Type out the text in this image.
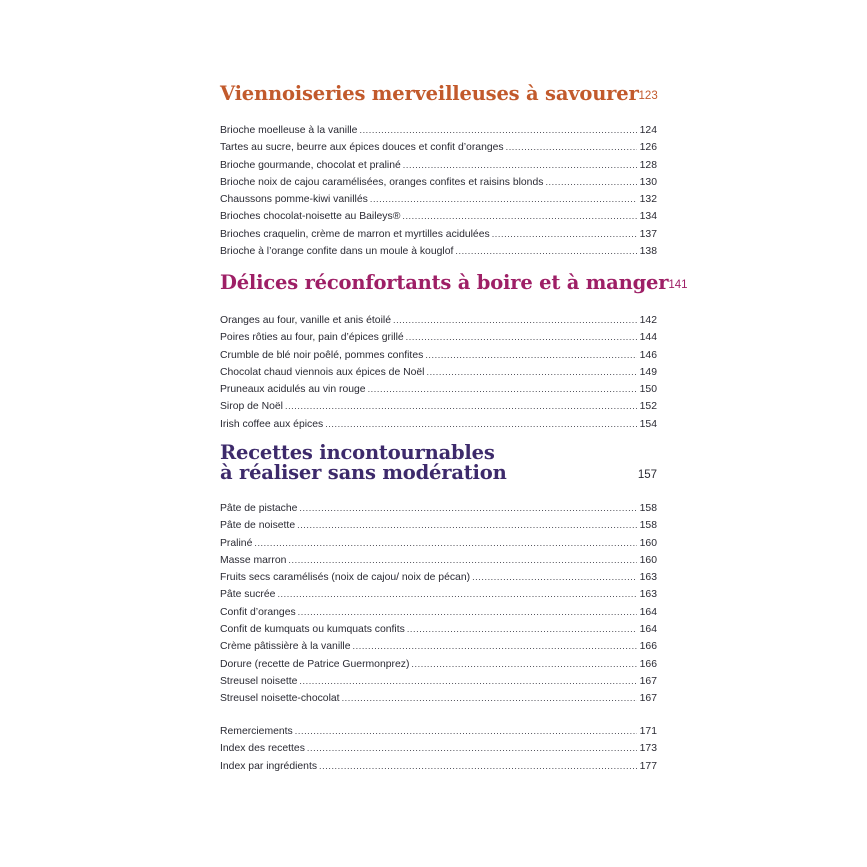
Viennoiseries merveilleuses à savourer 123
Brioche moelleuse à la vanille .....	124
Tartes au sucre, beurre aux épices douces et confit d’oranges .....	126
Brioche gourmande, chocolat et praliné .....	128
Brioche noix de cajou caramélisées, oranges confites et raisins blonds .....	130
Chaussons pomme-kiwi vanillés .....	132
Brioches chocolat-noisette au Baileys® .....	134
Brioches craquelin, crème de marron et myrtilles acidulées .....	137
Brioche à l’orange confite dans un moule à kouglof .....	138
Délices réconfortants à boire et à manger 141
Oranges au four, vanille et anis étoilé .....	142
Poires rôties au four, pain d’épices grillé .....	144
Crumble de blé noir poêlé, pommes confites .....	146
Chocolat chaud viennois aux épices de Noël .....	149
Pruneaux acidulés au vin rouge .....	150
Sirop de Noël .....	152
Irish coffee aux épices .....	154
Recettes incontournables
à réaliser sans modération	157
Pâte de pistache .....	158
Pâte de noisette .....	158
Praliné .....	160
Masse marron .....	160
Fruits secs caramélisés (noix de cajou/ noix de pécan) .....	163
Pâte sucrée .....	163
Confit d’oranges .....	164
Confit de kumquats ou kumquats confits .....	164
Crème pâtissière à la vanille .....	166
Dorure (recette de Patrice Guermonprez) .....	166
Streusel noisette .....	167
Streusel noisette-chocolat .....	167
Remerciements .....	171
Index des recettes .....	173
Index par ingrédients .....	177
